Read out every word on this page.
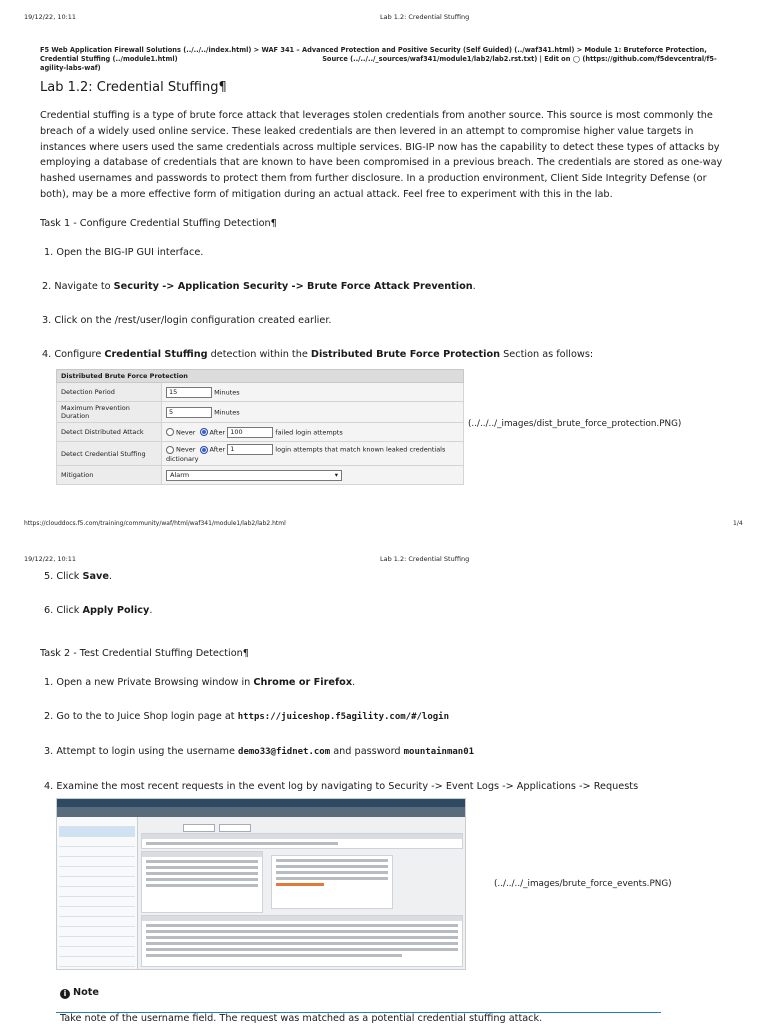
19/12/22, 10:11	Lab 1.2: Credential Stuffing
F5 Web Application Firewall Solutions (../../../index.html) > WAF 341 – Advanced Protection and Positive Security (Self Guided) (../waf341.html) > Module 1: Bruteforce Protection,
Credential Stuffing (../module1.html)	Source (../../../_sources/waf341/module1/lab2/lab2.rst.txt) | Edit on ◯ (https://github.com/f5devcentral/f5-agility-labs-waf)
Lab 1.2: Credential Stuffing¶

Credential stuffing is a type of brute force attack that leverages stolen credentials from another source. This source is most commonly the breach of a widely used online service. These leaked credentials are then levered in an attempt to compromise higher value targets in instances where users used the same credentials across multiple services. BIG-IP now has the capability to detect these types of attacks by employing a database of credentials that are known to have been compromised in a previous breach. The credentials are stored as one-way hashed usernames and passwords to protect them from further disclosure. In a production environment, Client Side Integrity Defense (or both), may be a more effective form of mitigation during an actual attack. Feel free to experiment with this in the lab.

Task 1 - Configure Credential Stuffing Detection¶
1. Open the BIG-IP GUI interface.
2. Navigate to Security -> Application Security -> Brute Force Attack Prevention.
3. Click on the /rest/user/login configuration created earlier.
4. Configure Credential Stuffing detection within the Distributed Brute Force Protection Section as follows:
Distributed Brute Force Protection	
Detection Period	15 Minutes
Maximum Prevention Duration	5 Minutes
Detect Distributed Attack	Never After 100 failed login attempts
Detect Credential Stuffing	Never After 1 login attempts that match known leaked credentials dictionary
Mitigation	Alarm ▾
(../../../_images/dist_brute_force_protection.PNG)
https://clouddocs.f5.com/training/community/waf/html/waf341/module1/lab2/lab2.html	1/4
19/12/22, 10:11	Lab 1.2: Credential Stuffing
5. Click Save.
6. Click Apply Policy.
Task 2 - Test Credential Stuffing Detection¶
1. Open a new Private Browsing window in Chrome or Firefox.
2. Go to the to Juice Shop login page at https://juiceshop.f5agility.com/#/login
3. Attempt to login using the username demo33@fidnet.com and password mountainman01
4. Examine the most recent requests in the event log by navigating to Security -> Event Logs -> Applications -> Requests
(../../../_images/brute_force_events.PNG)
i Note
Take note of the username field. The request was matched as a potential credential stuffing attack.
